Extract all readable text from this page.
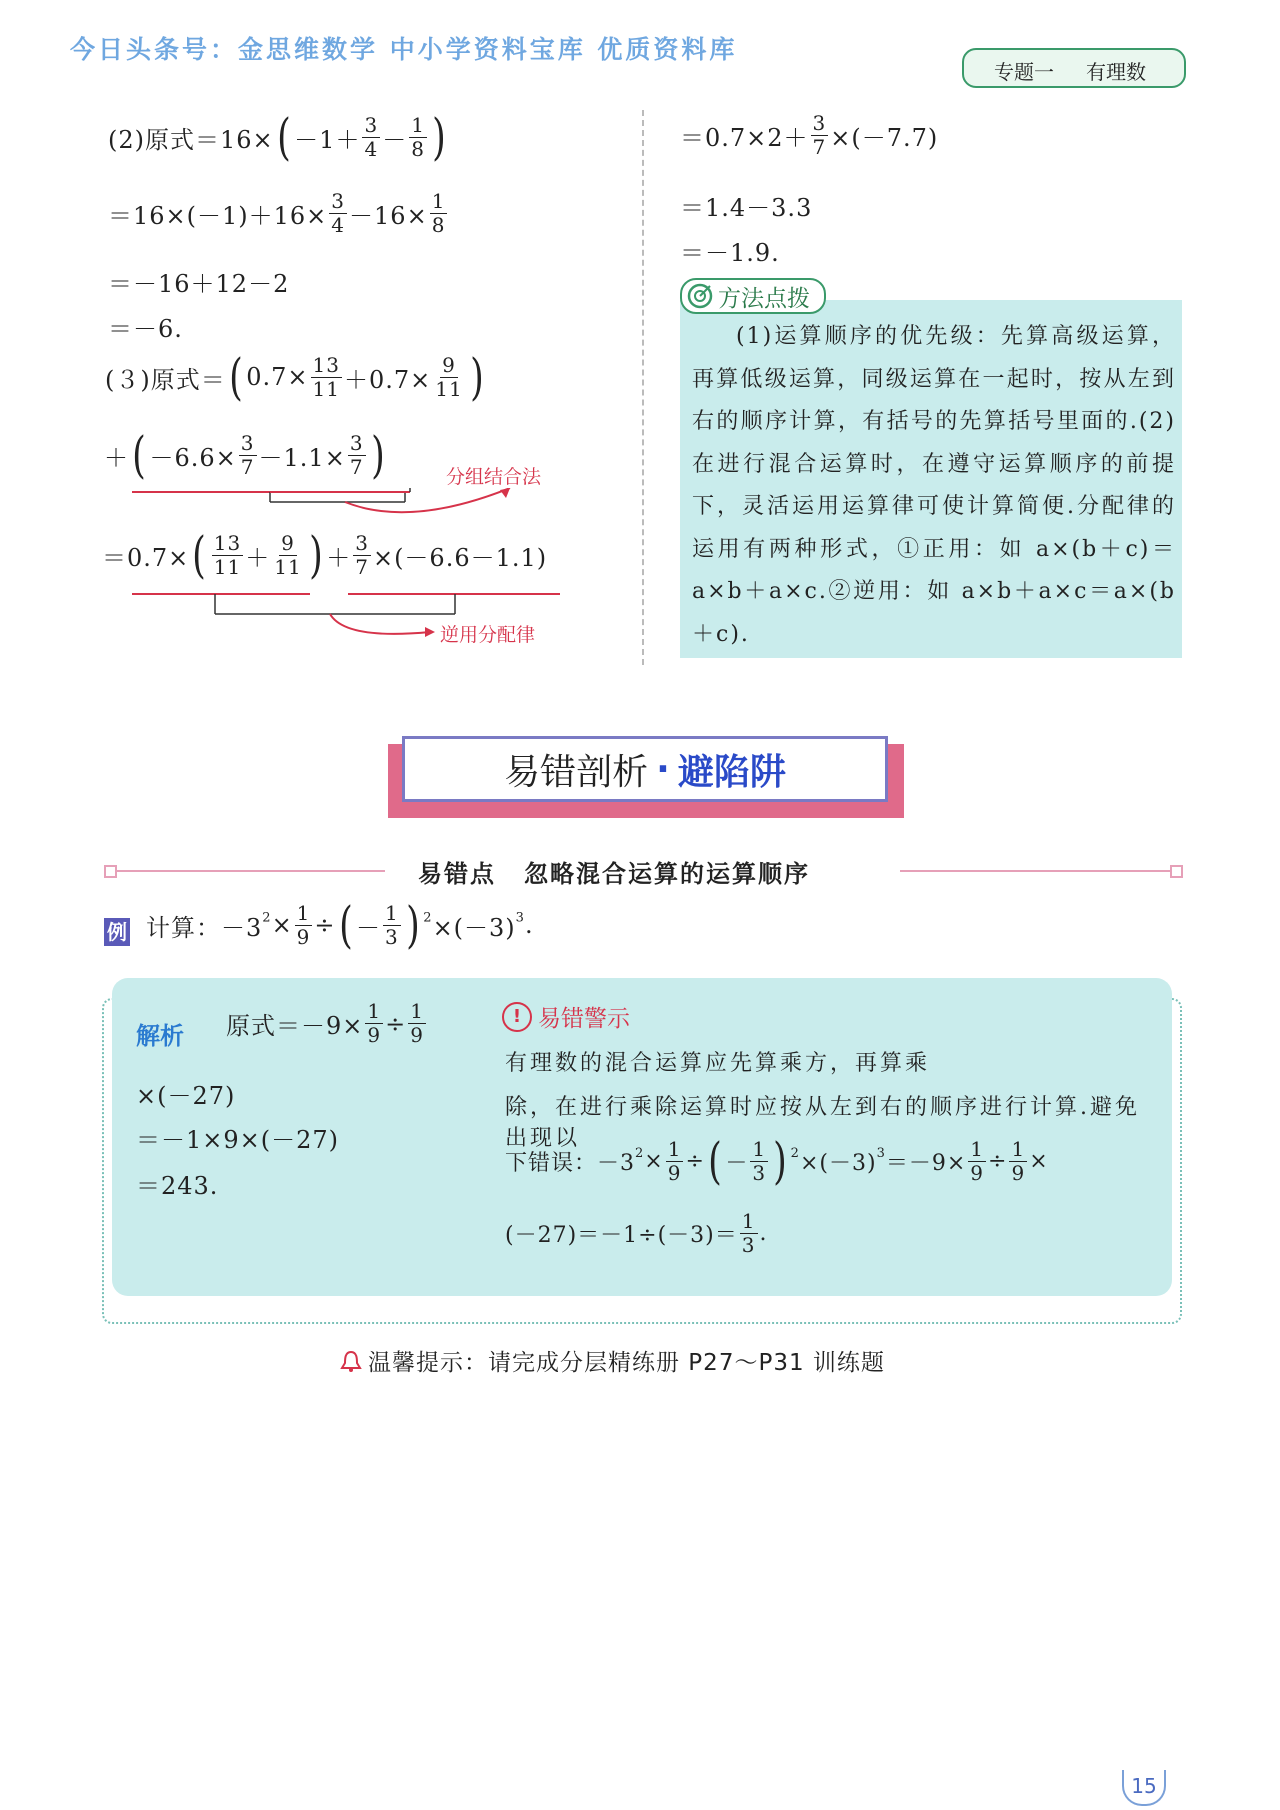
今日头条号：金思维数学 中小学资料宝库 优质资料库
专题一 有理数
(2)原式$=16\times( -1+ \frac{3}{4} - \frac{1}{8}$ )
$=16\times(-1)+16\times \frac{3}{4} -16\times \frac{1}{8}$
＝－16＋12－2
＝－6.
(３)原式＝( $0.7\times \frac{13}{11} +0.7\times \frac{9}{11}$ )
＋( $-6.6\times \frac{3}{7} -1.1\times \frac{3}{7}$ )	分组结合法
$=0.7\times( \frac{13}{11} + \frac{9}{11}$ ) ＋ $\frac{3}{7} \times(-6.6-1.1)$
逆用分配律
$=0.7\times 2+ \frac{3}{7} \times(-7.7)$
＝1.4－3.3
＝－1.9.
方法点拨
(1)运算顺序的优先级：先算高级运算，再算低级运算，同级运算在一起时，按从左到右的顺序计算，有括号的先算括号里面的.(2)在进行混合运算时，在遵守运算顺序的前提下，灵活运用运算律可使计算简便.分配律的运用有两种形式，①正用：如 a×(b＋c)＝a×b＋a×c.②逆用：如 a×b＋a×c＝a×(b＋c).
易错剖析 · 避陷阱
易错点 忽略混合运算的运算顺序
例 计算：$-3^2\times \frac{1}{9}$ ÷( － $\frac{1}{3}$ ) $^2\times(-3)^3$.
解析 原式$=-9\times \frac{1}{9} \div \frac{1}{9}$
×(－27)
＝－1×9×(－27)
＝243.
! 易错警示
有理数的混合运算应先算乘方，再算乘
除，在进行乘除运算时应按从左到右的顺序进行计算.避免出现以
下错误：$-3^2\times \frac{1}{9}$ ÷( － $\frac{1}{3}$ ) $^2\times(-3)^3=-9\times \frac{1}{9} \div \frac{1}{9}$ ×
$(-27)=-1\div(-3)= \frac{1}{3}$ .
温馨提示：请完成分层精练册 P27～P31 训练题
15
